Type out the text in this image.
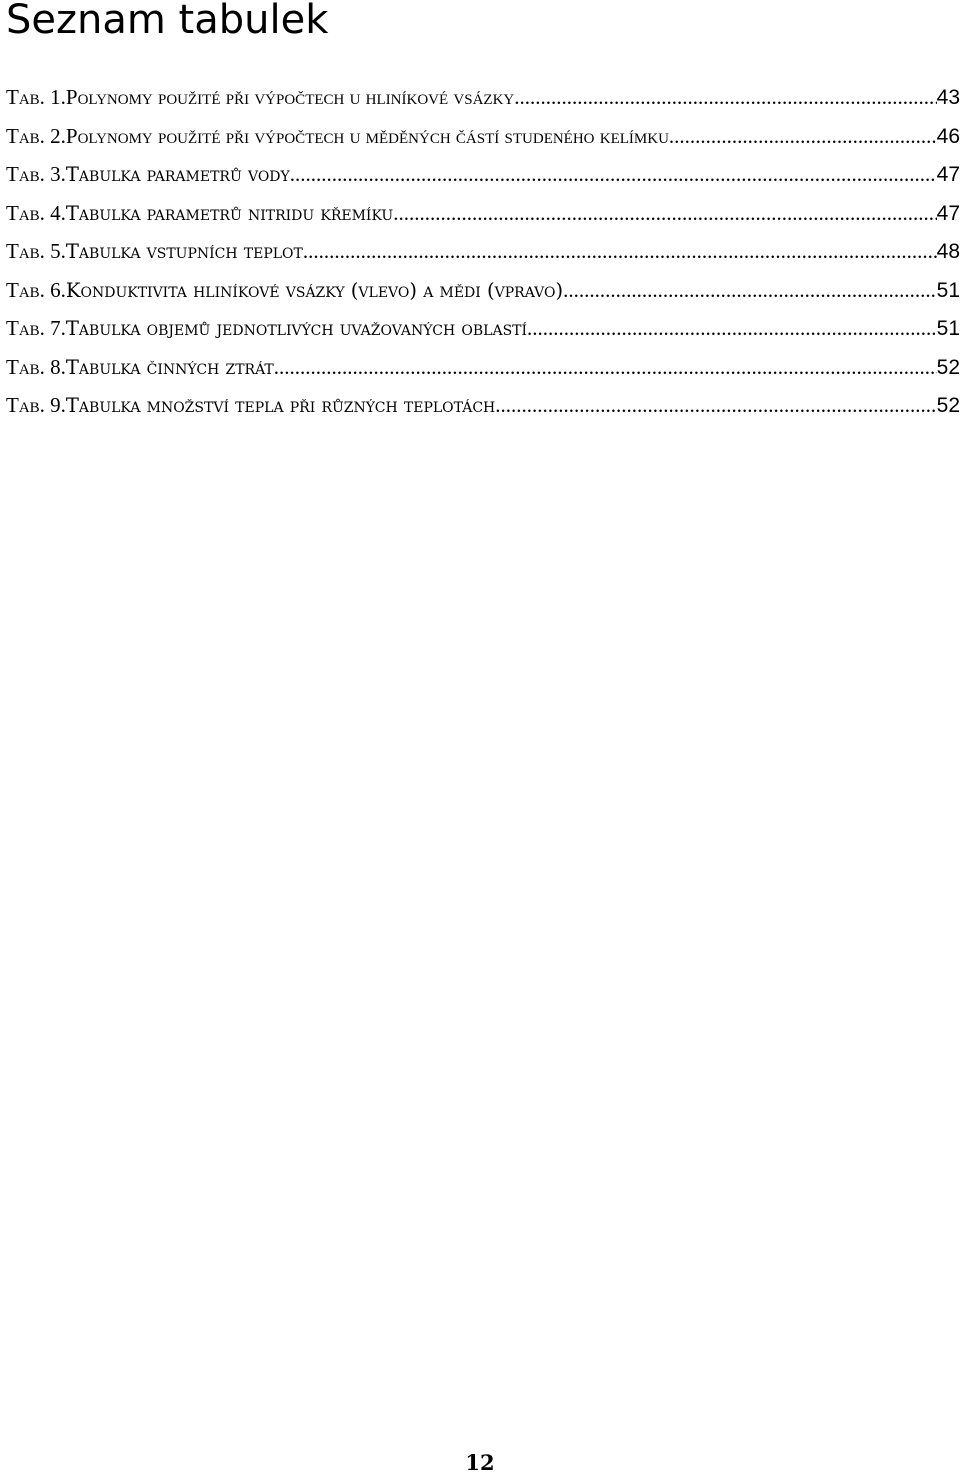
Seznam tabulek
Tab. 1. Polynomy použité při výpočtech u hliníkové vsázky .....	43
Tab. 2. Polynomy použité při výpočtech u měděných částí studeného kelímku .....	46
Tab. 3. Tabulka parametrů vody .....	47
Tab. 4. Tabulka parametrů nitridu křemíku .....	47
Tab. 5. Tabulka vstupních teplot .....	48
Tab. 6. Konduktivita hliníkové vsázky (vlevo) a mědi (vpravo) .....	51
Tab. 7. Tabulka objemů jednotlivých uvažovaných oblastí .....	51
Tab. 8. Tabulka činných ztrát .....	52
Tab. 9. Tabulka množství tepla při různých teplotách .....	52
12
